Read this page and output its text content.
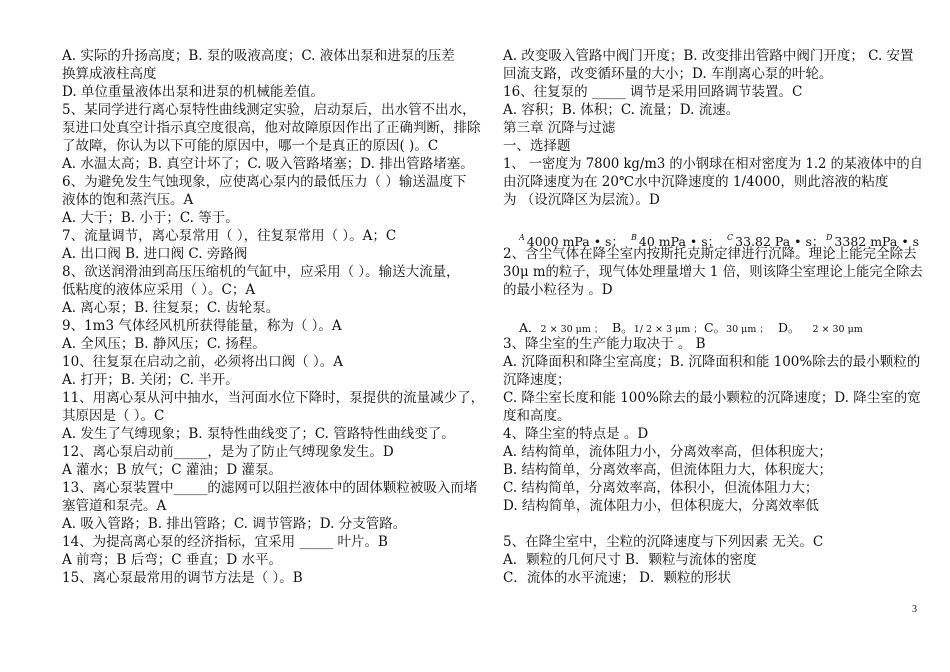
A. 实际的升扬高度；B. 泵的吸液高度；C. 液体出泵和进泵的压差
换算成液柱高度
D. 单位重量液体出泵和进泵的机械能差值。
5、某同学进行离心泵特性曲线测定实验，启动泵后，出水管不出水，
泵进口处真空计指示真空度很高，他对故障原因作出了正确判断，排除
了故障，你认为以下可能的原因中，哪一个是真正的原因( )。C
A. 水温太高；B. 真空计坏了；C. 吸入管路堵塞；D. 排出管路堵塞。
6、为避免发生气蚀现象，应使离心泵内的最低压力（ ）输送温度下
液体的饱和蒸汽压。A
A. 大于；B. 小于；C. 等于。
7、流量调节，离心泵常用（ ），往复泵常用（ ）。A；C
A. 出口阀 B. 进口阀 C. 旁路阀
8、欲送润滑油到高压压缩机的气缸中，应采用（ ）。输送大流量，
低粘度的液体应采用（ ）。C；A
A. 离心泵；B. 往复泵；C. 齿轮泵。
9、1m3 气体经风机所获得能量，称为（ ）。A
A. 全风压；B. 静风压；C. 扬程。
10、往复泵在启动之前，必须将出口阀（ ）。A
A. 打开；B. 关闭；C. 半开。
11、用离心泵从河中抽水，当河面水位下降时，泵提供的流量减少了，
其原因是（ ）。C
A. 发生了气缚现象；B. 泵特性曲线变了；C. 管路特性曲线变了。
12、离心泵启动前_____，是为了防止气缚现象发生。D
A 灌水；B 放气；C 灌油；D 灌泵。
13、离心泵装置中_____的滤网可以阻拦液体中的固体颗粒被吸入而堵
塞管道和泵壳。A
A. 吸入管路；B. 排出管路；C. 调节管路；D. 分支管路。
14、为提高离心泵的经济指标，宜采用 _____ 叶片。B
A 前弯；B 后弯；C 垂直；D 水平。
15、离心泵最常用的调节方法是（ ）。B
A. 改变吸入管路中阀门开度；B. 改变排出管路中阀门开度； C. 安置
回流支路，改变循环量的大小；D. 车削离心泵的叶轮。
16、往复泵的 _____ 调节是采用回路调节装置。C
A. 容积；B. 体积；C. 流量；D. 流速。
第三章 沉降与过滤
一、选择题
1、 一密度为 7800 kg/m3 的小钢球在相对密度为 1.2 的某液体中的自
由沉降速度为在 20℃水中沉降速度的 1/4000，则此溶液的粘度
为 （设沉降区为层流）。D
2、含尘气体在降尘室内按斯托克斯定律进行沉降。理论上能完全除去
30μ m的粒子，现气体处理量增大 1 倍，则该降尘室理论上能完全除去
的最小粒径为 。D
3、降尘室的生产能力取决于 。 B
A. 沉降面积和降尘室高度；B. 沉降面积和能 100%除去的最小颗粒的
沉降速度；
C. 降尘室长度和能 100%除去的最小颗粒的沉降速度；D. 降尘室的宽
度和高度。
4、降尘室的特点是 。D
A. 结构简单，流体阻力小，分离效率高，但体积庞大；
B. 结构简单，分离效率高，但流体阻力大，体积庞大；
C. 结构简单，分离效率高，体积小，但流体阻力大；
D. 结构简单，流体阻力小，但体积庞大，分离效率低
5、在降尘室中，尘粒的沉降速度与下列因素 无关。C
A．颗粒的几何尺寸 B．颗粒与流体的密度
C．流体的水平流速； D．颗粒的形状
$^A$ 4000 mPa • s； $^B$ 40 mPa • s； $^C$ 33.82 Pa • s； $^D$ 3382 mPa • s
A．2 × 30 μm ； B。1/ 2 × 3 μm ； C。30 μm ； D。 2 × 30 μm
3
